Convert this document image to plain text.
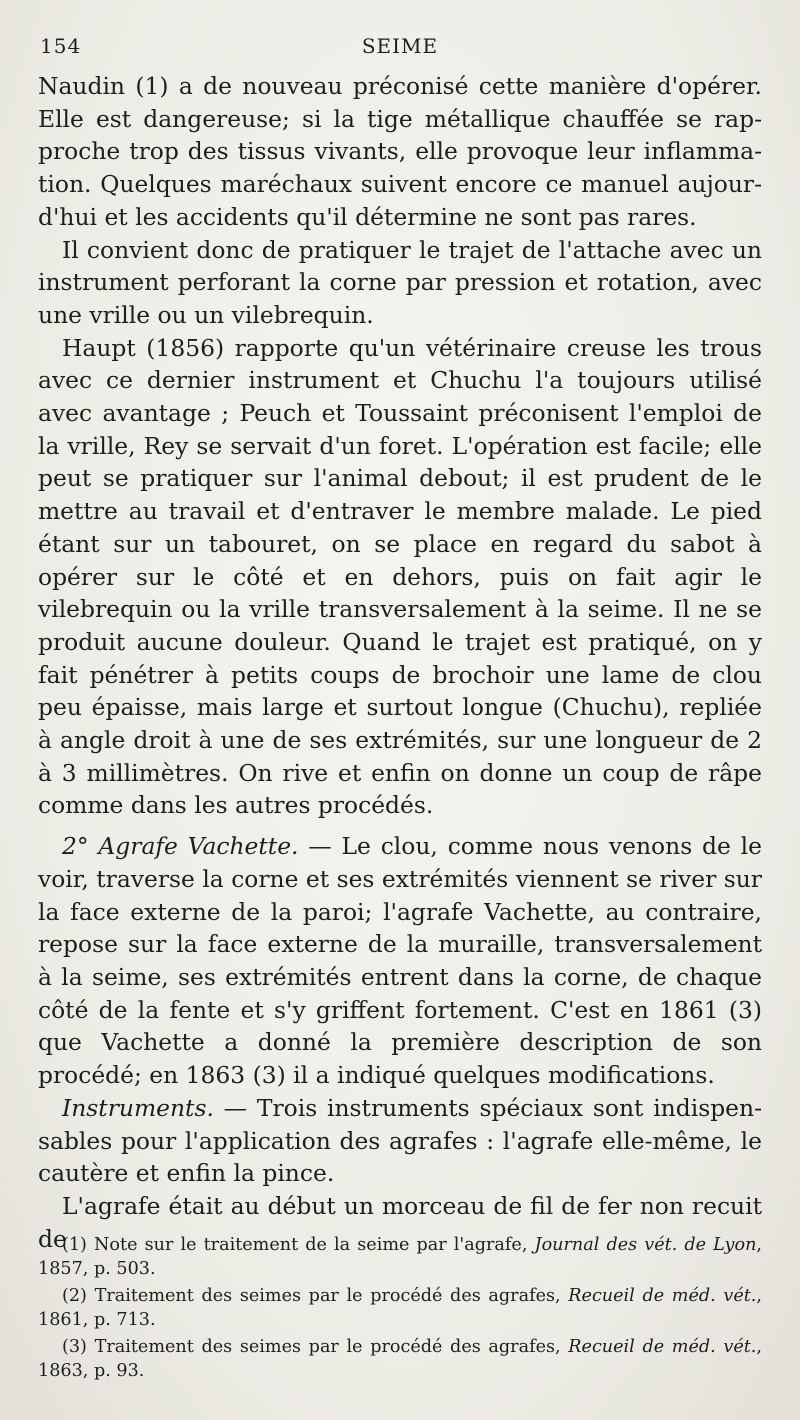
154	SEIME

Naudin (1) a de nouveau préconisé cette manière d'opérer. Elle est dangereuse; si la tige métallique chauffée se rapproche trop des tissus vivants, elle provoque leur inflammation. Quelques maréchaux suivent encore ce manuel aujourd'hui et les accidents qu'il détermine ne sont pas rares.

Il convient donc de pratiquer le trajet de l'attache avec un instrument perforant la corne par pression et rotation, avec une vrille ou un vilebrequin.

Haupt (1856) rapporte qu'un vétérinaire creuse les trous avec ce dernier instrument et Chuchu l'a toujours utilisé avec avantage ; Peuch et Toussaint préconisent l'emploi de la vrille, Rey se servait d'un foret. L'opération est facile; elle peut se pratiquer sur l'animal debout; il est prudent de le mettre au travail et d'entraver le membre malade. Le pied étant sur un tabouret, on se place en regard du sabot à opérer sur le côté et en dehors, puis on fait agir le vilebrequin ou la vrille transversalement à la seime. Il ne se produit aucune douleur. Quand le trajet est pratiqué, on y fait pénétrer à petits coups de brochoir une lame de clou peu épaisse, mais large et surtout longue (Chuchu), repliée à angle droit à une de ses extrémités, sur une longueur de 2 à 3 millimètres. On rive et enfin on donne un coup de râpe comme dans les autres procédés.

2° Agrafe Vachette. — Le clou, comme nous venons de le voir, traverse la corne et ses extrémités viennent se river sur la face externe de la paroi; l'agrafe Vachette, au contraire, repose sur la face externe de la muraille, transversalement à la seime, ses extrémités entrent dans la corne, de chaque côté de la fente et s'y griffent fortement. C'est en 1861 (3) que Vachette a donné la première description de son procédé; en 1863 (3) il a indiqué quelques modifications.

Instruments. — Trois instruments spéciaux sont indispensables pour l'application des agrafes : l'agrafe elle-même, le cautère et enfin la pince.

L'agrafe était au début un morceau de fil de fer non recuit de

(1) Note sur le traitement de la seime par l'agrafe, Journal des vét. de Lyon, 1857, p. 503.

(2) Traitement des seimes par le procédé des agrafes, Recueil de méd. vét., 1861, p. 713.

(3) Traitement des seimes par le procédé des agrafes, Recueil de méd. vét., 1863, p. 93.
